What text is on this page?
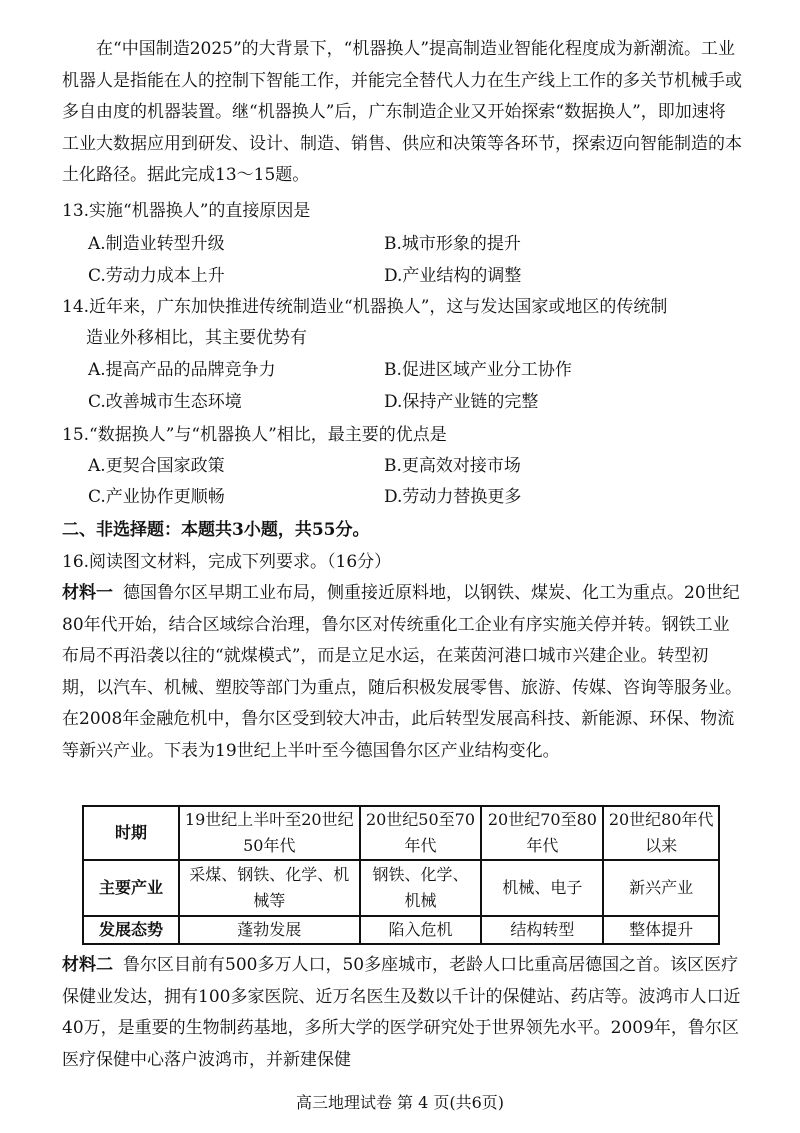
在“中国制造2025”的大背景下，“机器换人”提高制造业智能化程度成为新潮流。工业机器人是指能在人的控制下智能工作，并能完全替代人力在生产线上工作的多关节机械手或多自由度的机器装置。继“机器换人”后，广东制造企业又开始探索“数据换人”，即加速将工业大数据应用到研发、设计、制造、销售、供应和决策等各环节，探索迈向智能制造的本土化路径。据此完成13～15题。

13.实施“机器换人”的直接原因是

A.制造业转型升级	B.城市形象的提升
C.劳动力成本上升	D.产业结构的调整

14.近年来，广东加快推进传统制造业“机器换人”，这与发达国家或地区的传统制

造业外移相比，其主要优势有

A.提高产品的品牌竞争力	B.促进区域产业分工协作
C.改善城市生态环境	D.保持产业链的完整

15.“数据换人”与“机器换人”相比，最主要的优点是

A.更契合国家政策	B.更高效对接市场
C.产业协作更顺畅	D.劳动力替换更多

二、非选择题：本题共3小题，共55分。

16.阅读图文材料，完成下列要求。（16分）

材料一 德国鲁尔区早期工业布局，侧重接近原料地，以钢铁、煤炭、化工为重点。20世纪80年代开始，结合区域综合治理，鲁尔区对传统重化工企业有序实施关停并转。钢铁工业布局不再沿袭以往的“就煤模式”，而是立足水运，在莱茵河港口城市兴建企业。转型初期，以汽车、机械、塑胶等部门为重点，随后积极发展零售、旅游、传媒、咨询等服务业。在2008年金融危机中，鲁尔区受到较大冲击，此后转型发展高科技、新能源、环保、物流等新兴产业。下表为19世纪上半叶至今德国鲁尔区产业结构变化。

时期	19世纪上半叶至20世纪50年代	20世纪50至70年代	20世纪70至80年代	20世纪80年代以来
主要产业	采煤、钢铁、化学、机械等	钢铁、化学、机械	机械、电子	新兴产业
发展态势	蓬勃发展	陷入危机	结构转型	整体提升

材料二 鲁尔区目前有500多万人口，50多座城市，老龄人口比重高居德国之首。该区医疗保健业发达，拥有100多家医院、近万名医生及数以千计的保健站、药店等。波鸿市人口近40万，是重要的生物制药基地，多所大学的医学研究处于世界领先水平。2009年，鲁尔区医疗保健中心落户波鸿市，并新建保健

高三地理试卷 第 4 页(共6页)
